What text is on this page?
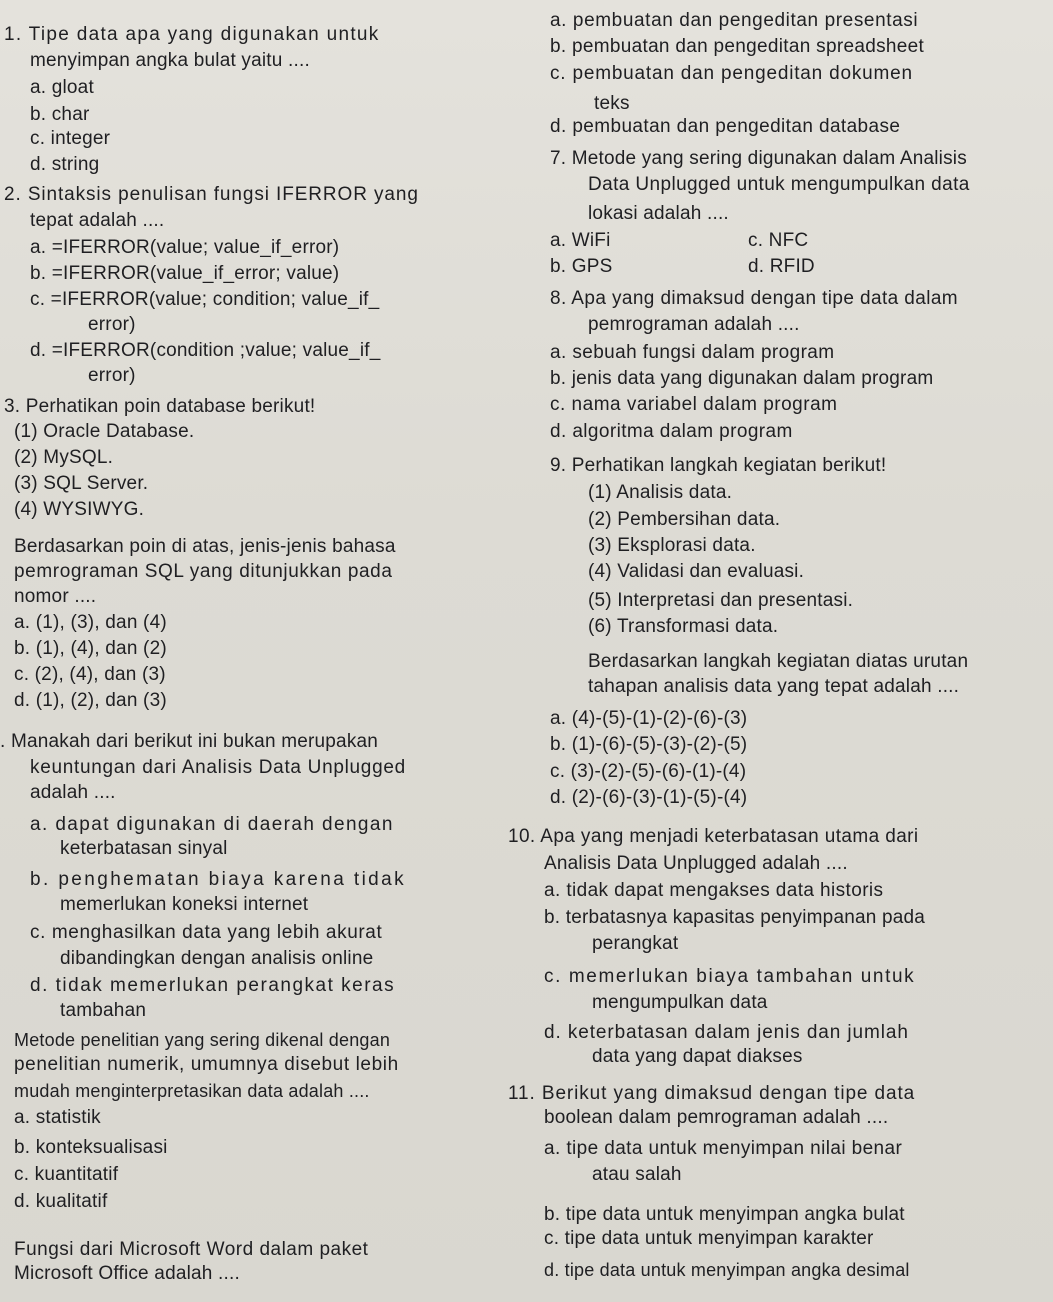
1. Tipe data apa yang digunakan untuk
menyimpan angka bulat yaitu ....
a. gloat
b. char
c. integer
d. string
2. Sintaksis penulisan fungsi IFERROR yang
tepat adalah ....
a. =IFERROR(value; value_if_error)
b. =IFERROR(value_if_error; value)
c. =IFERROR(value; condition; value_if_
error)
d. =IFERROR(condition ;value; value_if_
error)
3. Perhatikan poin database berikut!
(1) Oracle Database.
(2) MySQL.
(3) SQL Server.
(4) WYSIWYG.
Berdasarkan poin di atas, jenis-jenis bahasa
pemrograman SQL yang ditunjukkan pada
nomor ....
a. (1), (3), dan (4)
b. (1), (4), dan (2)
c. (2), (4), dan (3)
d. (1), (2), dan (3)
. Manakah dari berikut ini bukan merupakan
keuntungan dari Analisis Data Unplugged
adalah ....
a. dapat digunakan di daerah dengan
keterbatasan sinyal
b. penghematan biaya karena tidak
memerlukan koneksi internet
c. menghasilkan data yang lebih akurat
dibandingkan dengan analisis online
d. tidak memerlukan perangkat keras
tambahan
Metode penelitian yang sering dikenal dengan
penelitian numerik, umumnya disebut lebih
mudah menginterpretasikan data adalah ....
a. statistik
b. konteksualisasi
c. kuantitatif
d. kualitatif
Fungsi dari Microsoft Word dalam paket
Microsoft Office adalah ....
a. pembuatan dan pengeditan presentasi
b. pembuatan dan pengeditan spreadsheet
c. pembuatan dan pengeditan dokumen
teks
d. pembuatan dan pengeditan database
7. Metode yang sering digunakan dalam Analisis
Data Unplugged untuk mengumpulkan data
lokasi adalah ....
a. WiFi	c. NFC
b. GPS	d. RFID
8. Apa yang dimaksud dengan tipe data dalam
pemrograman adalah ....
a. sebuah fungsi dalam program
b. jenis data yang digunakan dalam program
c. nama variabel dalam program
d. algoritma dalam program
9. Perhatikan langkah kegiatan berikut!
(1) Analisis data.
(2) Pembersihan data.
(3) Eksplorasi data.
(4) Validasi dan evaluasi.
(5) Interpretasi dan presentasi.
(6) Transformasi data.
Berdasarkan langkah kegiatan diatas urutan
tahapan analisis data yang tepat adalah ....
a. (4)-(5)-(1)-(2)-(6)-(3)
b. (1)-(6)-(5)-(3)-(2)-(5)
c. (3)-(2)-(5)-(6)-(1)-(4)
d. (2)-(6)-(3)-(1)-(5)-(4)
10. Apa yang menjadi keterbatasan utama dari
Analisis Data Unplugged adalah ....
a. tidak dapat mengakses data historis
b. terbatasnya kapasitas penyimpanan pada
perangkat
c. memerlukan biaya tambahan untuk
mengumpulkan data
d. keterbatasan dalam jenis dan jumlah
data yang dapat diakses
11. Berikut yang dimaksud dengan tipe data
boolean dalam pemrograman adalah ....
a. tipe data untuk menyimpan nilai benar
atau salah
b. tipe data untuk menyimpan angka bulat
c. tipe data untuk menyimpan karakter
d. tipe data untuk menyimpan angka desimal
